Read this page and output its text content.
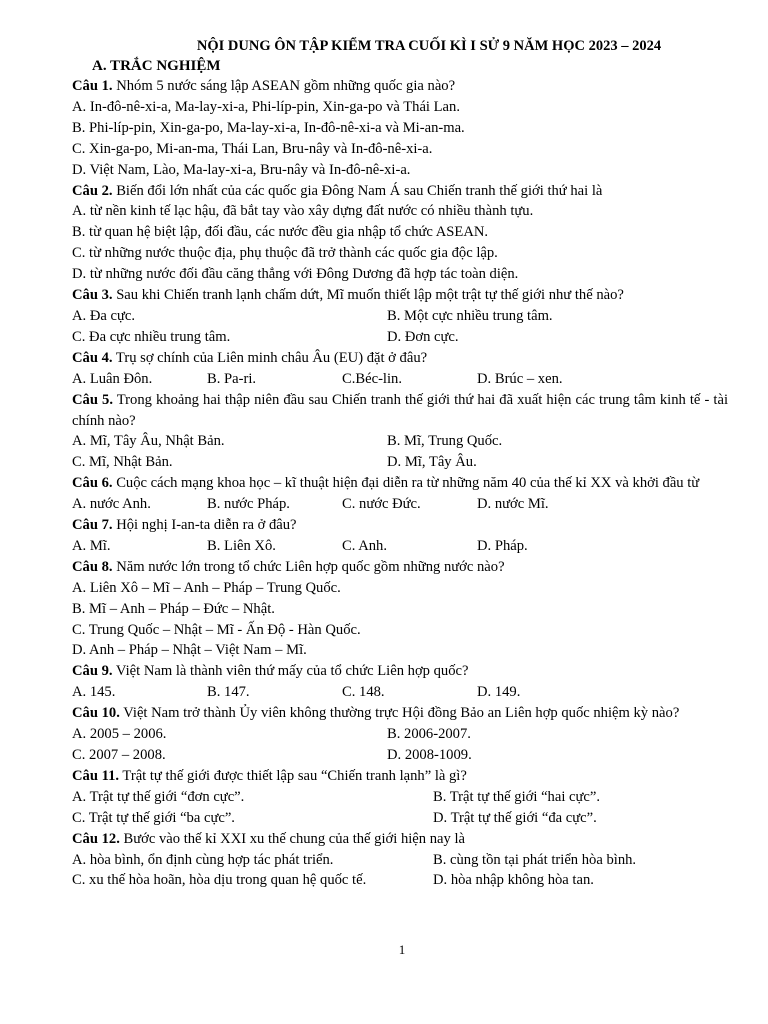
NỘI DUNG ÔN TẬP KIỂM TRA CUỐI KÌ I SỬ 9 NĂM HỌC 2023 – 2024
A. TRẮC NGHIỆM
Câu 1. Nhóm 5 nước sáng lập ASEAN gồm những quốc gia nào?
A. In-đô-nê-xi-a, Ma-lay-xi-a, Phi-líp-pin, Xin-ga-po và Thái Lan.
B. Phi-líp-pin, Xin-ga-po, Ma-lay-xi-a, In-đô-nê-xi-a và Mi-an-ma.
C. Xin-ga-po, Mi-an-ma, Thái Lan, Bru-nây và In-đô-nê-xi-a.
D. Việt Nam, Lào, Ma-lay-xi-a, Bru-nây và In-đô-nê-xi-a.
Câu 2. Biến đổi lớn nhất của các quốc gia Đông Nam Á sau Chiến tranh thế giới thứ hai là
A. từ nền kinh tế lạc hậu, đã bắt tay vào xây dựng đất nước có nhiều thành tựu.
B. từ quan hệ biệt lập, đối đầu, các nước đều gia nhập tổ chức ASEAN.
C. từ những nước thuộc địa, phụ thuộc đã trở thành các quốc gia độc lập.
D. từ những nước đối đầu căng thẳng với Đông Dương đã hợp tác toàn diện.
Câu 3. Sau khi Chiến tranh lạnh chấm dứt, Mĩ muốn thiết lập một trật tự thế giới như thế nào?
A. Đa cực.	B. Một cực nhiều trung tâm.
C. Đa cực nhiều trung tâm.	D. Đơn cực.
Câu 4. Trụ sợ chính của Liên minh châu Âu (EU) đặt ở đâu?
A. Luân Đôn.	B. Pa-ri.	C.Béc-lin.	D. Brúc – xen.
Câu 5. Trong khoảng hai thập niên đầu sau Chiến tranh thế giới thứ hai đã xuất hiện các trung tâm kinh tế - tài chính nào?
A. Mĩ, Tây Âu, Nhật Bản.	B. Mĩ, Trung Quốc.
C. Mĩ, Nhật Bản.	D. Mĩ, Tây Âu.
Câu 6. Cuộc cách mạng khoa học – kĩ thuật hiện đại diễn ra từ những năm 40 của thế kỉ XX và khởi đầu từ
A. nước Anh.	B. nước Pháp.	C. nước Đức.	D. nước Mĩ.
Câu 7. Hội nghị I-an-ta diễn ra ở đâu?
A. Mĩ.	B. Liên Xô.	C. Anh.	D. Pháp.
Câu 8. Năm nước lớn trong tổ chức Liên hợp quốc gồm những nước nào?
A. Liên Xô – Mĩ – Anh – Pháp – Trung Quốc.
B. Mĩ – Anh – Pháp – Đức – Nhật.
C. Trung Quốc – Nhật – Mĩ - Ấn Độ - Hàn Quốc.
D. Anh – Pháp – Nhật – Việt Nam – Mĩ.
Câu 9. Việt Nam là thành viên thứ mấy của tổ chức Liên hợp quốc?
A. 145.	B. 147.	C. 148.	D. 149.
Câu 10. Việt Nam trở thành Ủy viên không thường trực Hội đồng Bảo an Liên hợp quốc nhiệm kỳ nào?
A. 2005 – 2006.	B. 2006-2007.
C. 2007 – 2008.	D. 2008-1009.
Câu 11. Trật tự thế giới được thiết lập sau “Chiến tranh lạnh” là gì?
A. Trật tự thế giới “đơn cực”.	B. Trật tự thế giới “hai cực”.
C. Trật tự thế giới “ba cực”.	D. Trật tự thế giới “đa cực”.
Câu 12. Bước vào thế kỉ XXI xu thế chung của thế giới hiện nay là
A. hòa bình, ổn định cùng hợp tác phát triển.	B. cùng tồn tại phát triển hòa bình.
C. xu thế hòa hoãn, hòa dịu trong quan hệ quốc tế.	D. hòa nhập không hòa tan.
1
